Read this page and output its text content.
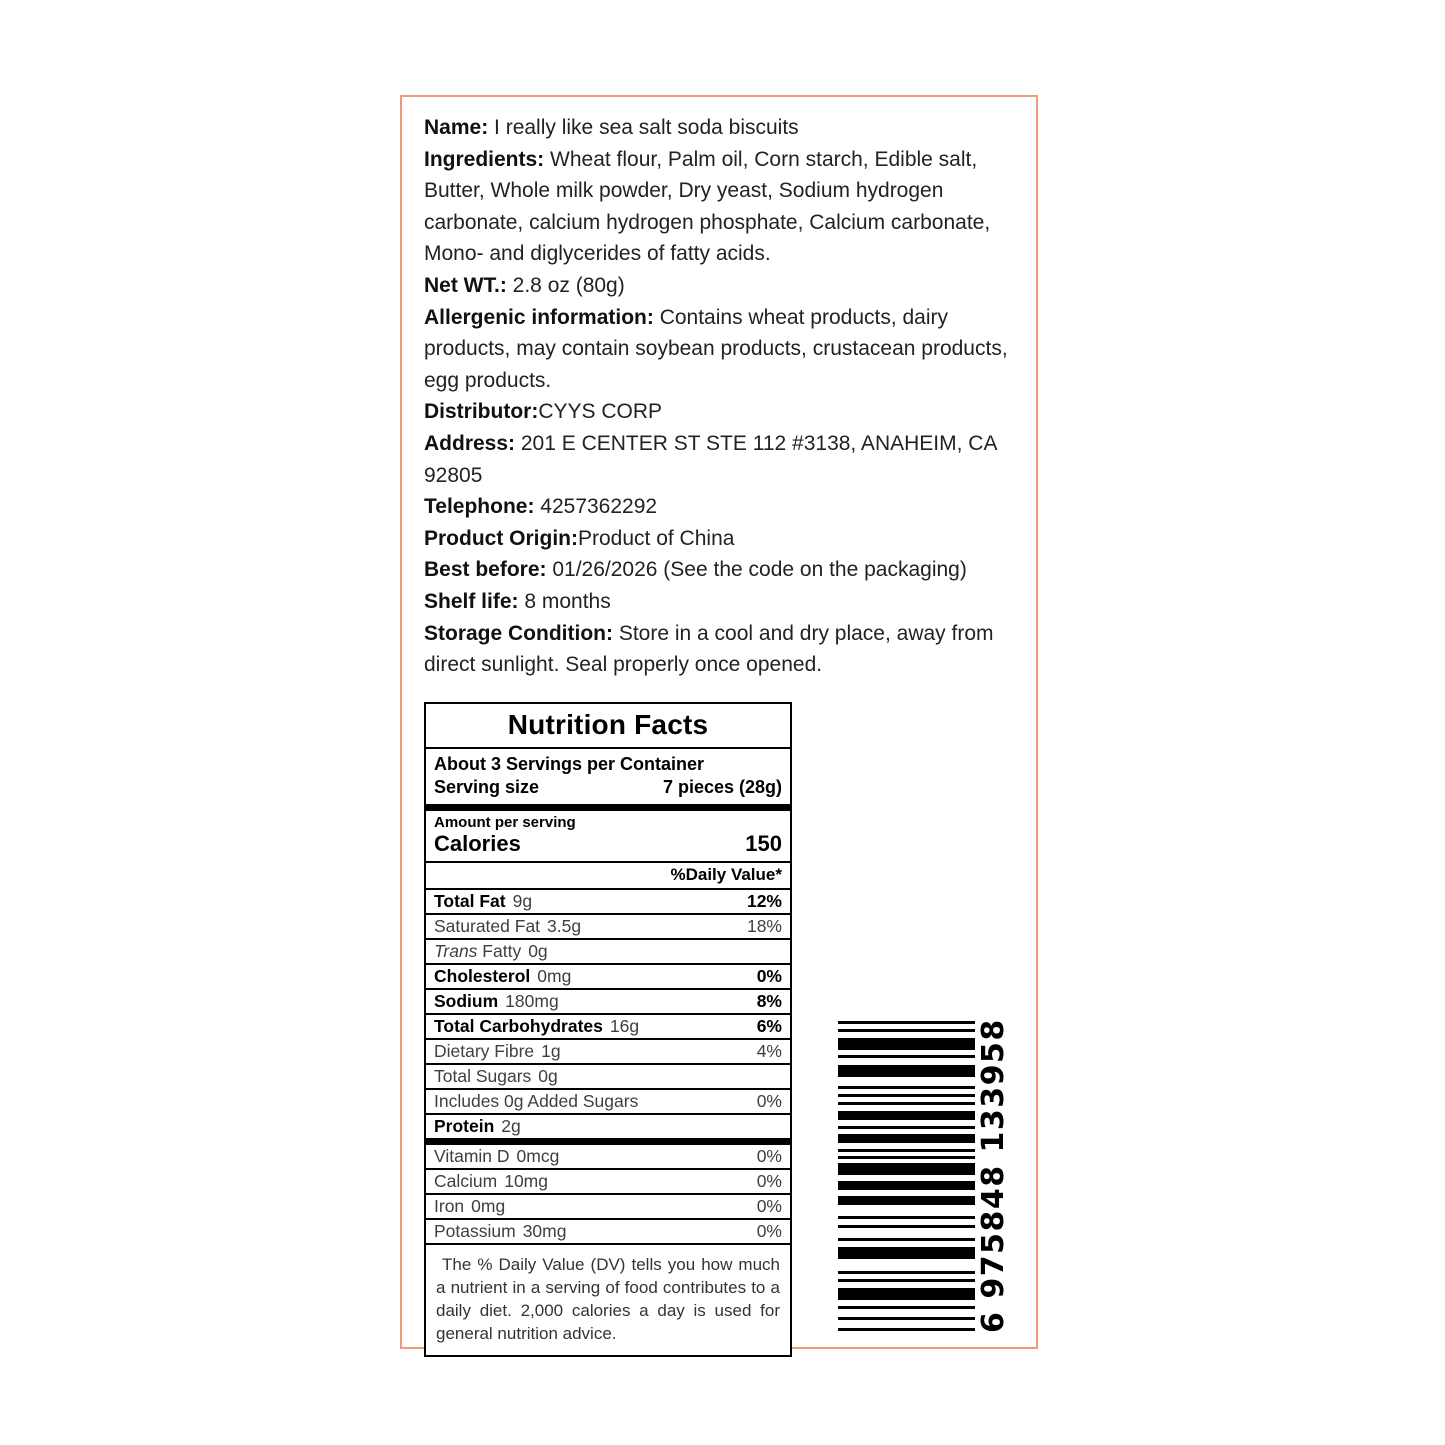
Name: I really like sea salt soda biscuits

Ingredients: Wheat flour, Palm oil, Corn starch, Edible salt, Butter, Whole milk powder, Dry yeast, Sodium hydrogen carbonate, calcium hydrogen phosphate, Calcium carbonate, Mono- and diglycerides of fatty acids.

Net WT.: 2.8 oz (80g)

Allergenic information: Contains wheat products, dairy products, may contain soybean products, crustacean products, egg products.

Distributor:CYYS CORP

Address: 201 E CENTER ST STE 112 #3138, ANAHEIM, CA 92805

Telephone: 4257362292

Product Origin:Product of China

Best before: 01/26/2026 (See the code on the packaging)

Shelf life: 8 months

Storage Condition: Store in a cool and dry place, away from direct sunlight. Seal properly once opened.

Nutrition Facts
About 3 Servings per Container
Serving size	7 pieces (28g)
Amount per serving
Calories	150
%Daily Value*
Total Fat 9g	12%
Saturated Fat 3.5g	18%
Trans Fatty 0g
Cholesterol 0mg	0%
Sodium 180mg	8%
Total Carbohydrates 16g	6%
Dietary Fibre 1g	4%
Total Sugars 0g
Includes 0g Added Sugars	0%
Protein 2g
Vitamin D 0mcg	0%
Calcium 10mg	0%
Iron 0mg	0%
Potassium 30mg	0%
The % Daily Value (DV) tells you how much a nutrient in a serving of food contributes to a daily diet. 2,000 calories a day is used for general nutrition advice.
6 975848 133958
